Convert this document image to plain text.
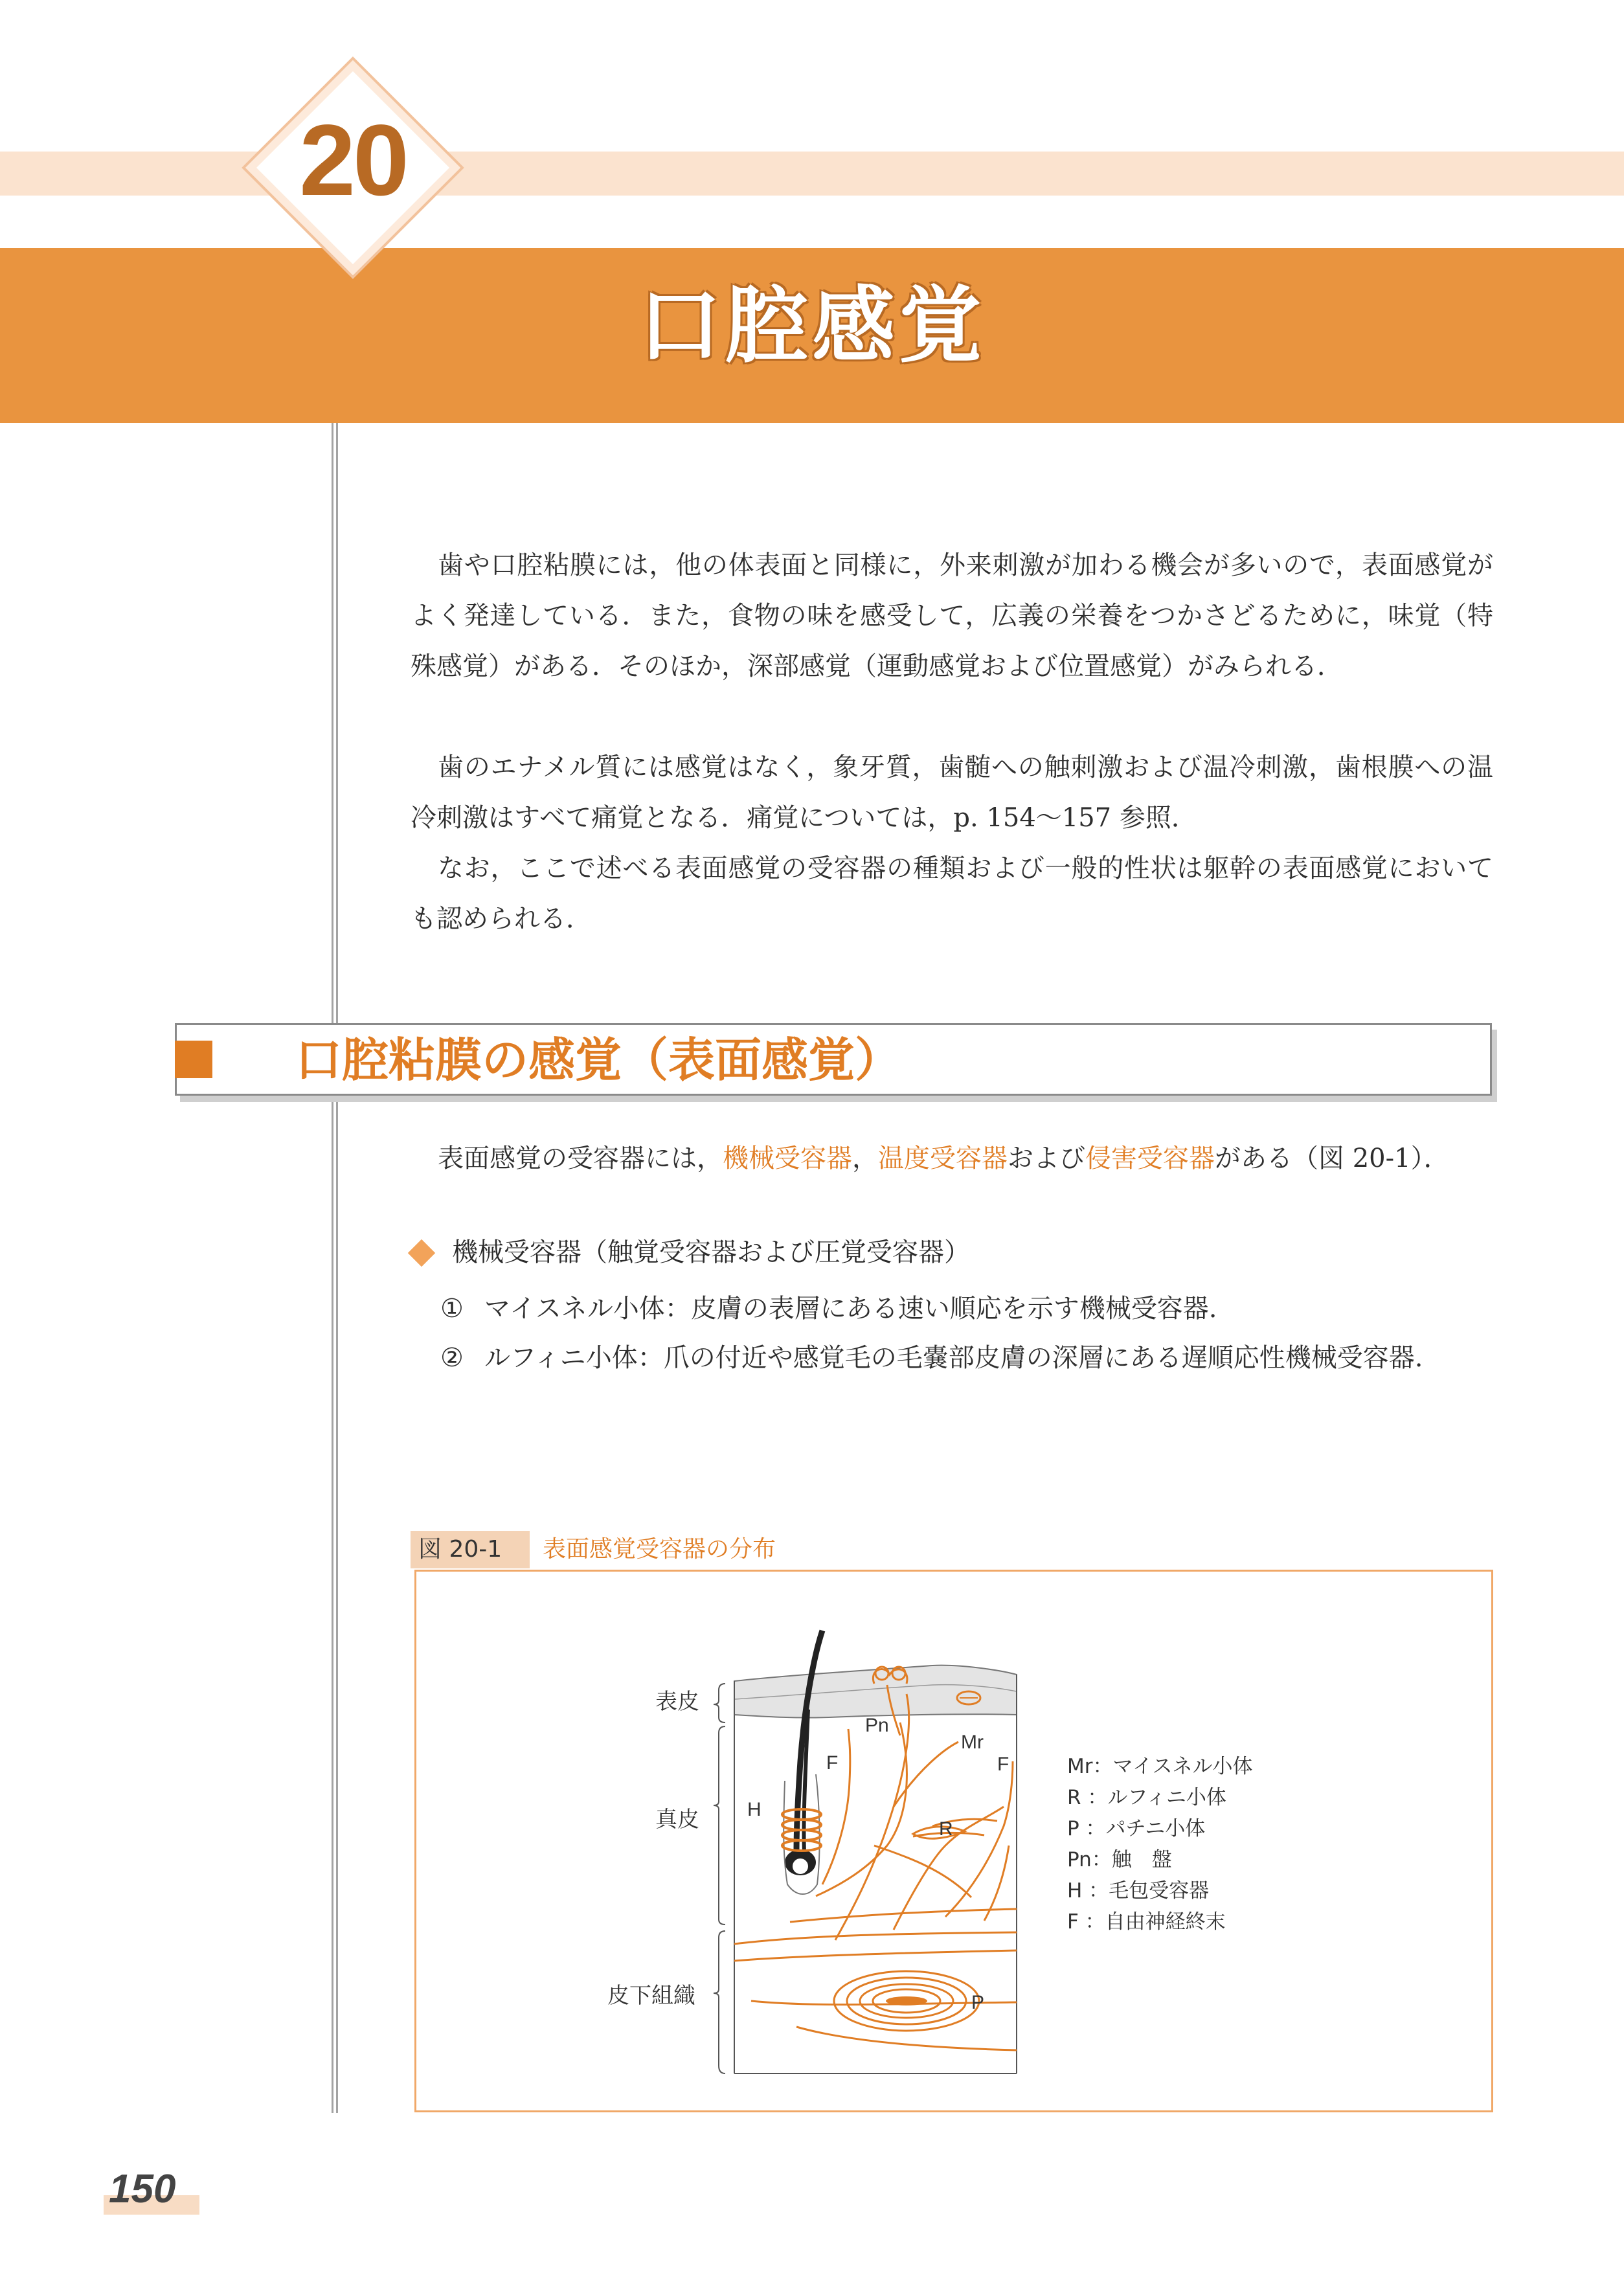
20
口腔感覚

歯や口腔粘膜には，他の体表面と同様に，外来刺激が加わる機会が多いので，表面感覚がよく発達している．また，食物の味を感受して，広義の栄養をつかさどるために，味覚（特殊感覚）がある．そのほか，深部感覚（運動感覚および位置感覚）がみられる．

歯のエナメル質には感覚はなく，象牙質，歯髄への触刺激および温冷刺激，歯根膜への温冷刺激はすべて痛覚となる．痛覚については，p. 154〜157 参照．

なお，ここで述べる表面感覚の受容器の種類および一般的性状は躯幹の表面感覚においても認められる．

口腔粘膜の感覚（表面感覚）

表面感覚の受容器には，機械受容器，温度受容器および侵害受容器がある（図 20-1）．

機械受容器（触覚受容器および圧覚受容器）

① マイスネル小体：皮膚の表層にある速い順応を示す機械受容器.

② ルフィニ小体：爪の付近や感覚毛の毛嚢部皮膚の深層にある遅順応性機械受容器.

図 20-1 表面感覚受容器の分布
表皮
真皮
皮下組織
Pn
Mr
F
F
H
R
P
Mr：マイスネル小体
R ：ルフィニ小体
P ：パチニ小体
Pn：触　盤
H ：毛包受容器
F ：自由神経終末
150
